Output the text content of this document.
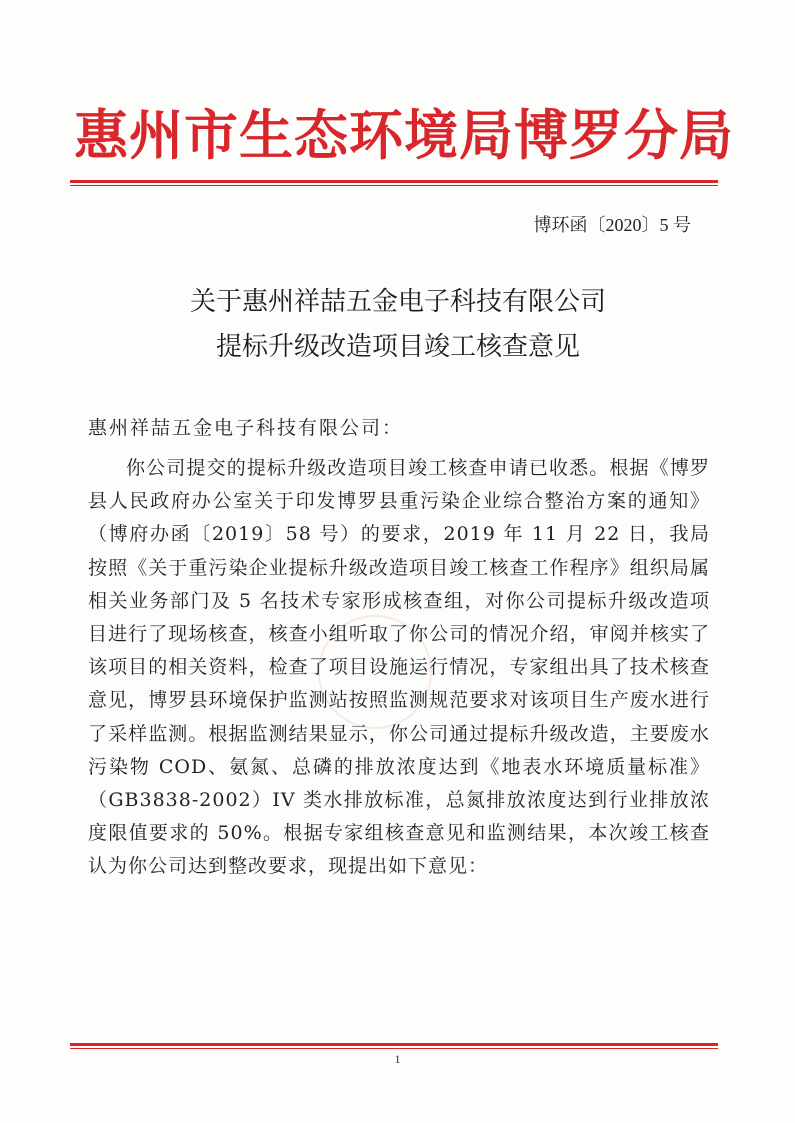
惠州市生态环境局博罗分局
博环函〔2020〕5 号
关于惠州祥喆五金电子科技有限公司
提标升级改造项目竣工核查意见
惠州祥喆五金电子科技有限公司：
你公司提交的提标升级改造项目竣工核查申请已收悉。根据《博罗县人民政府办公室关于印发博罗县重污染企业综合整治方案的通知》（博府办函〔2019〕58 号）的要求，2019 年 11 月 22 日，我局按照《关于重污染企业提标升级改造项目竣工核查工作程序》组织局属相关业务部门及 5 名技术专家形成核查组，对你公司提标升级改造项目进行了现场核查，核查小组听取了你公司的情况介绍，审阅并核实了该项目的相关资料，检查了项目设施运行情况，专家组出具了技术核查意见，博罗县环境保护监测站按照监测规范要求对该项目生产废水进行了采样监测。根据监测结果显示，你公司通过提标升级改造，主要废水污染物 COD、氨氮、总磷的排放浓度达到《地表水环境质量标准》（GB3838-2002）IV 类水排放标准，总氮排放浓度达到行业排放浓度限值要求的 50%。根据专家组核查意见和监测结果，本次竣工核查认为你公司达到整改要求，现提出如下意见：
1
